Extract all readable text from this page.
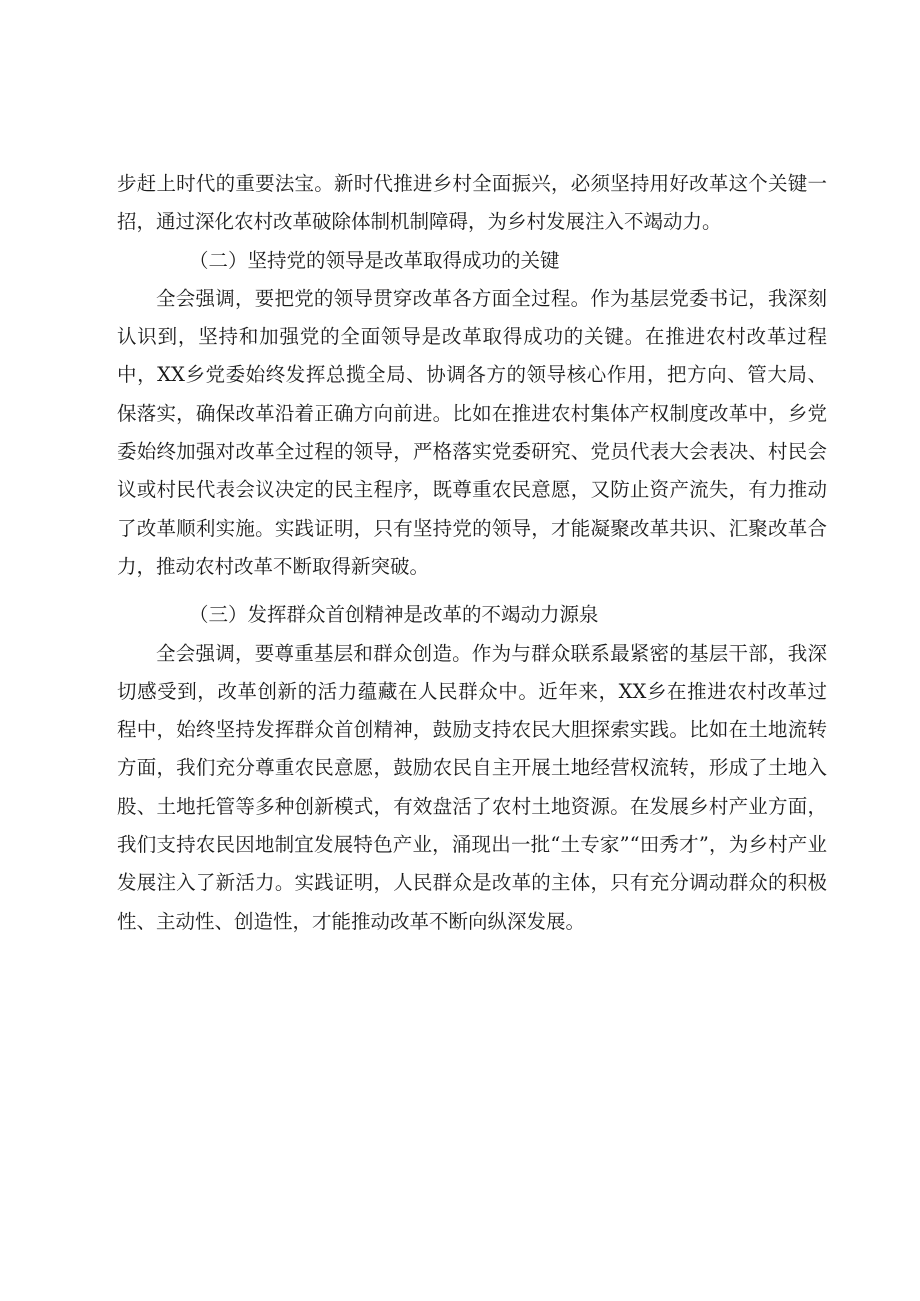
步赶上时代的重要法宝。新时代推进乡村全面振兴，必须坚持用好改革这个关键一招，通过深化农村改革破除体制机制障碍，为乡村发展注入不竭动力。

（二）坚持党的领导是改革取得成功的关键

全会强调，要把党的领导贯穿改革各方面全过程。作为基层党委书记，我深刻认识到，坚持和加强党的全面领导是改革取得成功的关键。在推进农村改革过程中，XX乡党委始终发挥总揽全局、协调各方的领导核心作用，把方向、管大局、保落实，确保改革沿着正确方向前进。比如在推进农村集体产权制度改革中，乡党委始终加强对改革全过程的领导，严格落实党委研究、党员代表大会表决、村民会议或村民代表会议决定的民主程序，既尊重农民意愿，又防止资产流失，有力推动了改革顺利实施。实践证明，只有坚持党的领导，才能凝聚改革共识、汇聚改革合力，推动农村改革不断取得新突破。

（三）发挥群众首创精神是改革的不竭动力源泉

全会强调，要尊重基层和群众创造。作为与群众联系最紧密的基层干部，我深切感受到，改革创新的活力蕴藏在人民群众中。近年来，XX乡在推进农村改革过程中，始终坚持发挥群众首创精神，鼓励支持农民大胆探索实践。比如在土地流转方面，我们充分尊重农民意愿，鼓励农民自主开展土地经营权流转，形成了土地入股、土地托管等多种创新模式，有效盘活了农村土地资源。在发展乡村产业方面，我们支持农民因地制宜发展特色产业，涌现出一批“土专家”“田秀才”，为乡村产业发展注入了新活力。实践证明，人民群众是改革的主体，只有充分调动群众的积极性、主动性、创造性，才能推动改革不断向纵深发展。
